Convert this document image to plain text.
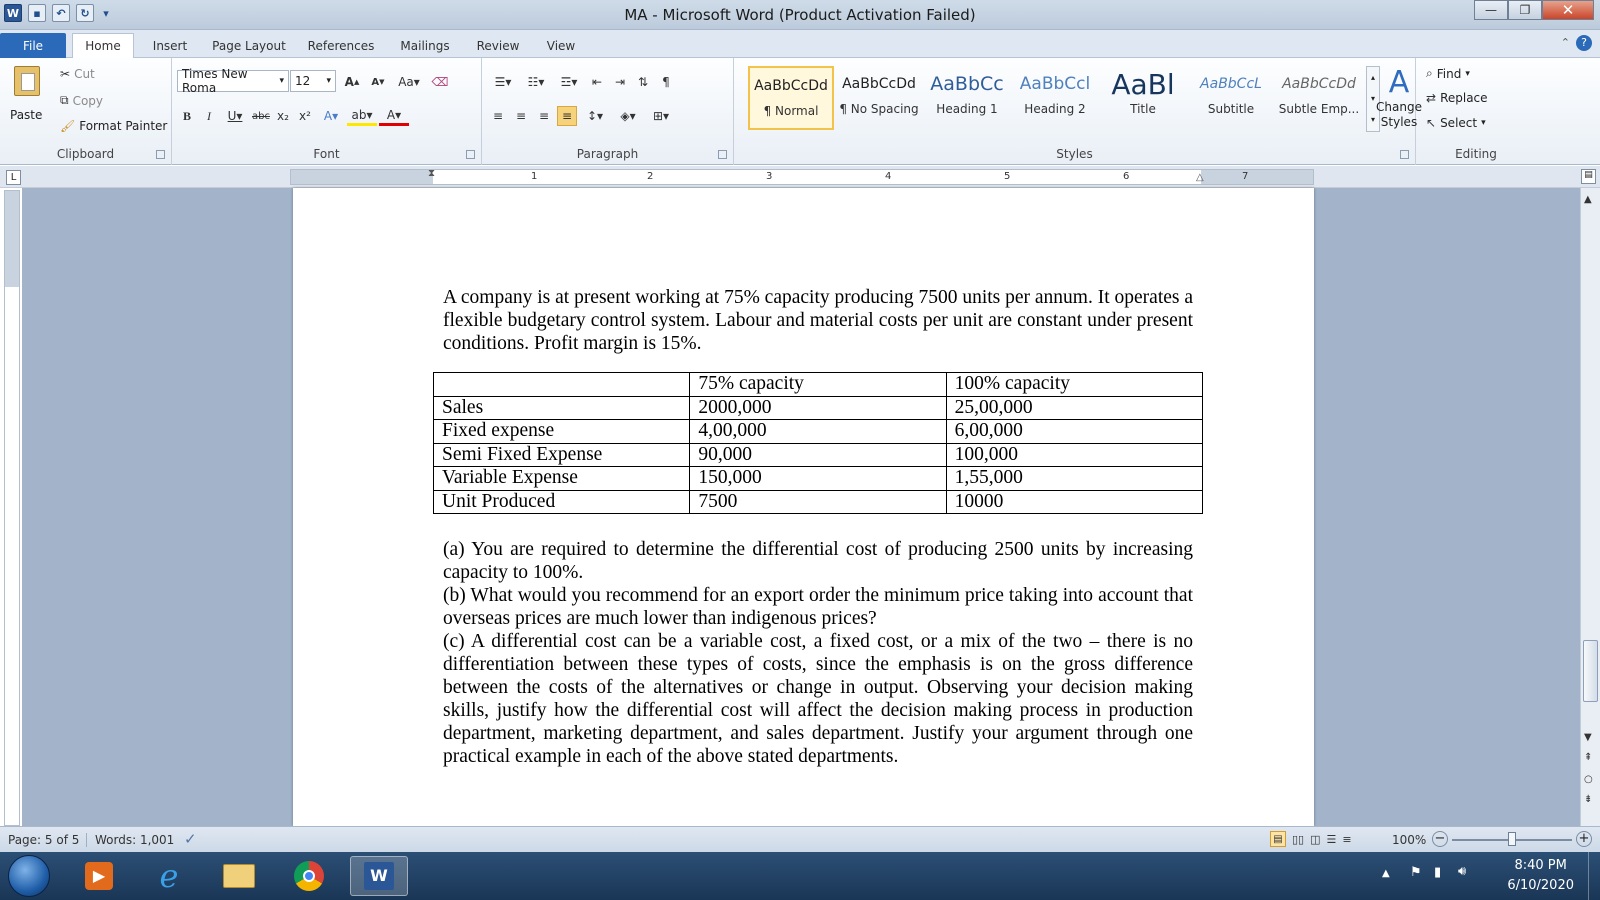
W	▪	↶	↻	▾	MA - Microsoft Word (Product Activation Failed)	—	❐	✕
File	Home	Insert	Page Layout	References	Mailings	Review	View	⌃	?
Paste
✂ Cut
⧉ Copy
🖌 Format Painter
Clipboard
Times New Roma	▾ 12 ▾ A ▲	A ▼	Aa▾ ⌫
B	I	U▾ abc x₂ x²	A▾	ab▾	A▾
Font
☰▾	☷▾	☲▾	⇤	⇥	⇅	¶
≡	≡	≡	≡	↕▾	◈▾	⊞▾
Paragraph
AaBbCcDd
¶ Normal
AaBbCcDd
¶ No Spacing
AaBbCc
Heading 1
AaBbCcl
Heading 2
AaBl
Title
AaBbCcL
Subtitle
AaBbCcDd
Subtle Emp...
▴
▾
▾
A
Change Styles
Styles
⌕ Find ▾
⇄ Replace
↖ Select ▾
Editing
L	1	2	3	4	5	6	7
⧗	△	▤

A company is at present working at 75% capacity producing 7500 units per annum. It operates a flexible budgetary control system. Labour and material costs per unit are constant under present conditions. Profit margin is 15%.

	75% capacity	100% capacity
Sales	2000,000	25,00,000
Fixed expense	4,00,000	6,00,000
Semi Fixed Expense	90,000	100,000
Variable Expense	150,000	1,55,000
Unit Produced	7500	10000

(a) You are required to determine the differential cost of producing 2500 units by increasing capacity to 100%.

(b) What would you recommend for an export order the minimum price taking into account that overseas prices are much lower than indigenous prices?

(c) A differential cost can be a variable cost, a fixed cost, or a mix of the two – there is no differentiation between these types of costs, since the emphasis is on the gross difference between the costs of the alternatives or change in output. Observing your decision making skills, justify how the differential cost will affect the decision making process in production department, marketing department, and sales department. Justify your argument through one practical example in each of the above stated departments.

▲
▼
⇞
○
⇟
Page: 5 of 5	Words: 1,001 ✓	▤ ▯▯ ◫ ☰ ≡	100% −	+
▶ e	W	▲ ⚑ ▮ 🔊︎	8:40 PM
6/10/2020
